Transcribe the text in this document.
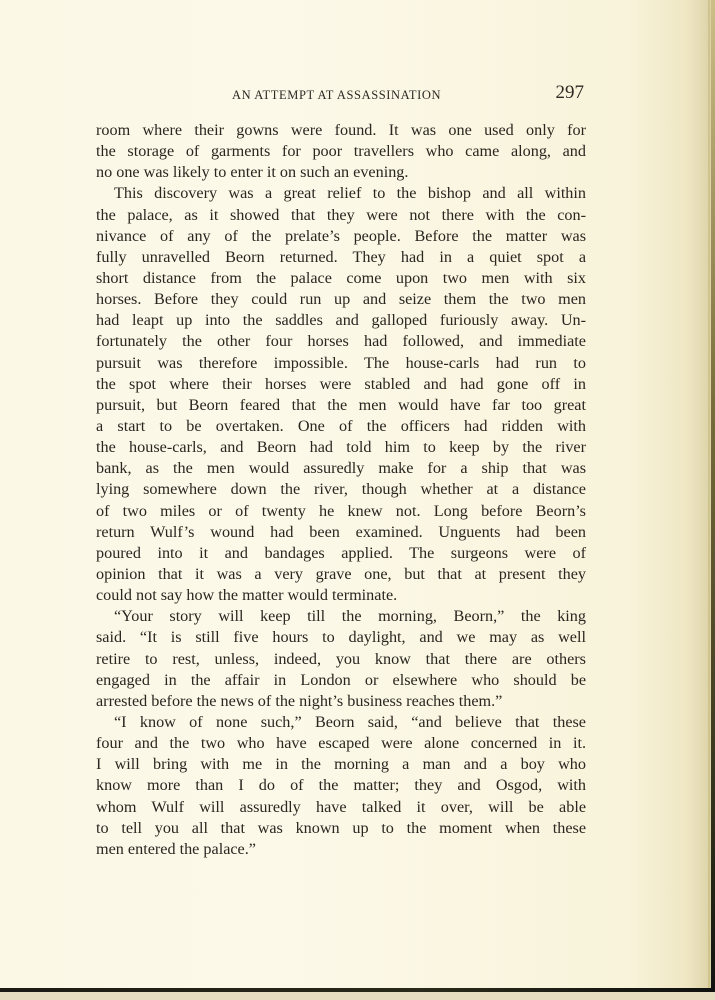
AN ATTEMPT AT ASSASSINATION	297
room where their gowns were found. It was one used only for
the storage of garments for poor travellers who came along, and
no one was likely to enter it on such an evening.
This discovery was a great relief to the bishop and all within
the palace, as it showed that they were not there with the con-
nivance of any of the prelate’s people. Before the matter was
fully unravelled Beorn returned. They had in a quiet spot a
short distance from the palace come upon two men with six
horses. Before they could run up and seize them the two men
had leapt up into the saddles and galloped furiously away. Un-
fortunately the other four horses had followed, and immediate
pursuit was therefore impossible. The house-carls had run to
the spot where their horses were stabled and had gone off in
pursuit, but Beorn feared that the men would have far too great
a start to be overtaken. One of the officers had ridden with
the house-carls, and Beorn had told him to keep by the river
bank, as the men would assuredly make for a ship that was
lying somewhere down the river, though whether at a distance
of two miles or of twenty he knew not. Long before Beorn’s
return Wulf’s wound had been examined. Unguents had been
poured into it and bandages applied. The surgeons were of
opinion that it was a very grave one, but that at present they
could not say how the matter would terminate.
“Your story will keep till the morning, Beorn,” the king
said. “It is still five hours to daylight, and we may as well
retire to rest, unless, indeed, you know that there are others
engaged in the affair in London or elsewhere who should be
arrested before the news of the night’s business reaches them.”
“I know of none such,” Beorn said, “and believe that these
four and the two who have escaped were alone concerned in it.
I will bring with me in the morning a man and a boy who
know more than I do of the matter; they and Osgod, with
whom Wulf will assuredly have talked it over, will be able
to tell you all that was known up to the moment when these
men entered the palace.”
